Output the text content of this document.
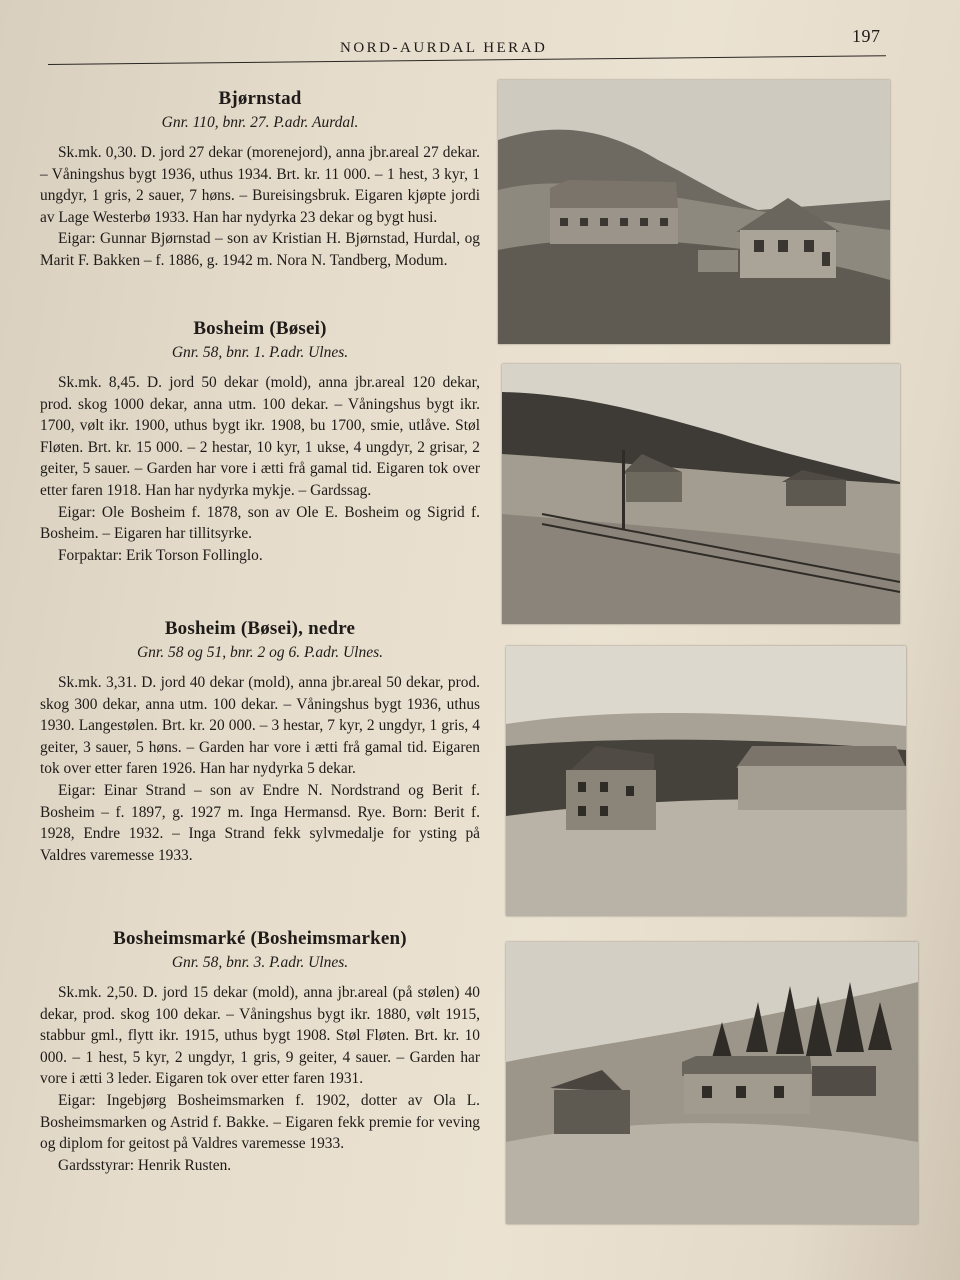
197
NORD-AURDAL HERAD
Bjørnstad
Gnr. 110, bnr. 27. P.adr. Aurdal.

Sk.mk. 0,30. D. jord 27 dekar (morenejord), anna jbr.areal 27 dekar. – Våningshus bygt 1936, uthus 1934. Brt. kr. 11 000. – 1 hest, 3 kyr, 1 ungdyr, 1 gris, 2 sauer, 7 høns. – Bureisingsbruk. Eigaren kjøpte jordi av Lage Westerbø 1933. Han har nydyrka 23 dekar og bygt husi.

Eigar: Gunnar Bjørnstad – son av Kristian H. Bjørnstad, Hurdal, og Marit F. Bakken – f. 1886, g. 1942 m. Nora N. Tandberg, Modum.

Bosheim (Bøsei)
Gnr. 58, bnr. 1. P.adr. Ulnes.

Sk.mk. 8,45. D. jord 50 dekar (mold), anna jbr.areal 120 dekar, prod. skog 1000 dekar, anna utm. 100 dekar. – Våningshus bygt ikr. 1700, vølt ikr. 1900, uthus bygt ikr. 1908, bu 1700, smie, utlåve. Støl Fløten. Brt. kr. 15 000. – 2 hestar, 10 kyr, 1 ukse, 4 ungdyr, 2 grisar, 2 geiter, 5 sauer. – Garden har vore i ætti frå gamal tid. Eigaren tok over etter faren 1918. Han har nydyrka mykje. – Gardssag.

Eigar: Ole Bosheim f. 1878, son av Ole E. Bosheim og Sigrid f. Bosheim. – Eigaren har tillitsyrke.

Forpaktar: Erik Torson Follinglo.

Bosheim (Bøsei), nedre
Gnr. 58 og 51, bnr. 2 og 6. P.adr. Ulnes.

Sk.mk. 3,31. D. jord 40 dekar (mold), anna jbr.areal 50 dekar, prod. skog 300 dekar, anna utm. 100 dekar. – Våningshus bygt 1936, uthus 1930. Langestølen. Brt. kr. 20 000. – 3 hestar, 7 kyr, 2 ungdyr, 1 gris, 4 geiter, 3 sauer, 5 høns. – Garden har vore i ætti frå gamal tid. Eigaren tok over etter faren 1926. Han har nydyrka 5 dekar.

Eigar: Einar Strand – son av Endre N. Nordstrand og Berit f. Bosheim – f. 1897, g. 1927 m. Inga Hermansd. Rye. Born: Berit f. 1928, Endre 1932. – Inga Strand fekk sylvmedalje for ysting på Valdres varemesse 1933.

Bosheimsmarké (Bosheimsmarken)
Gnr. 58, bnr. 3. P.adr. Ulnes.

Sk.mk. 2,50. D. jord 15 dekar (mold), anna jbr.areal (på stølen) 40 dekar, prod. skog 100 dekar. – Våningshus bygt ikr. 1880, vølt 1915, stabbur gml., flytt ikr. 1915, uthus bygt 1908. Støl Fløten. Brt. kr. 10 000. – 1 hest, 5 kyr, 2 ungdyr, 1 gris, 9 geiter, 4 sauer. – Garden har vore i ætti 3 leder. Eigaren tok over etter faren 1931.

Eigar: Ingebjørg Bosheimsmarken f. 1902, dotter av Ola L. Bosheimsmarken og Astrid f. Bakke. – Eigaren fekk premie for veving og diplom for geitost på Valdres varemesse 1933.

Gardsstyrar: Henrik Rusten.
